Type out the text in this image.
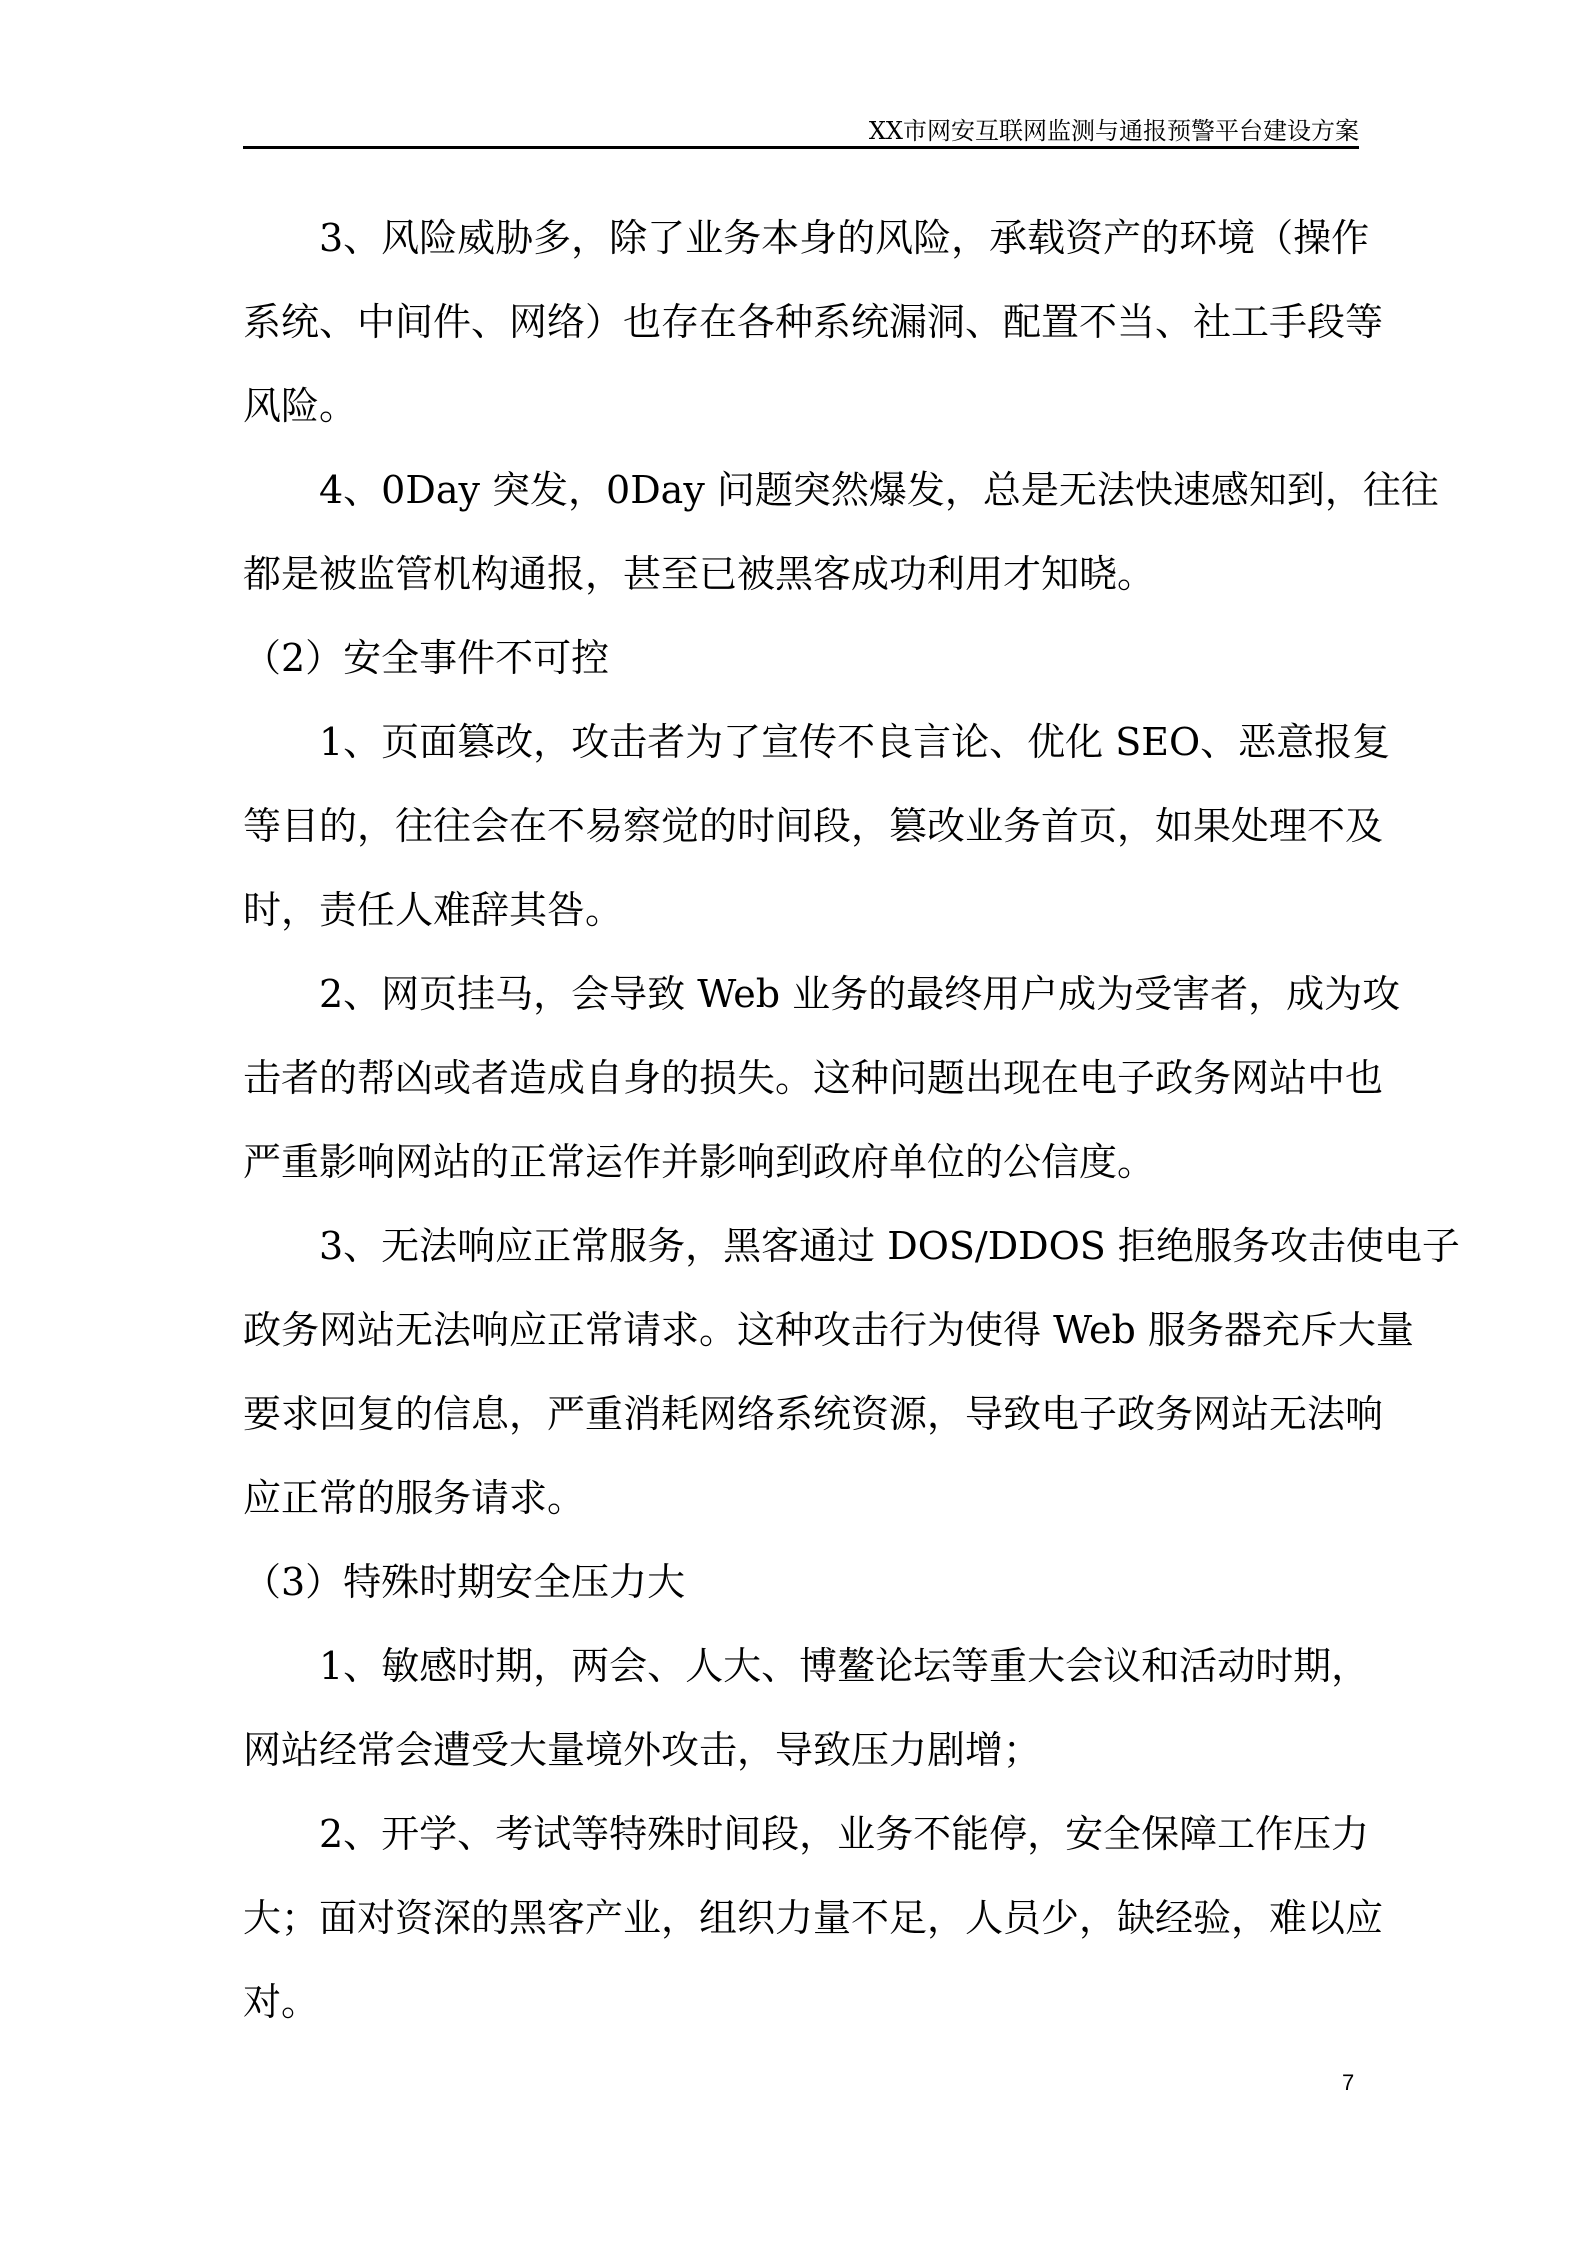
XX市网安互联网监测与通报预警平台建设方案
3、风险威胁多，除了业务本身的风险，承载资产的环境（操作
系统、中间件、网络）也存在各种系统漏洞、配置不当、社工手段等
风险。
4、0Day 突发，0Day 问题突然爆发，总是无法快速感知到，往往
都是被监管机构通报，甚至已被黑客成功利用才知晓。
（2）安全事件不可控
1、页面篡改，攻击者为了宣传不良言论、优化 SEO、恶意报复
等目的，往往会在不易察觉的时间段，篡改业务首页，如果处理不及
时，责任人难辞其咎。
2、网页挂马，会导致 Web 业务的最终用户成为受害者，成为攻
击者的帮凶或者造成自身的损失。这种问题出现在电子政务网站中也
严重影响网站的正常运作并影响到政府单位的公信度。
3、无法响应正常服务，黑客通过 DOS/DDOS 拒绝服务攻击使电子
政务网站无法响应正常请求。这种攻击行为使得 Web 服务器充斥大量
要求回复的信息，严重消耗网络系统资源，导致电子政务网站无法响
应正常的服务请求。
（3）特殊时期安全压力大
1、敏感时期，两会、人大、博鳌论坛等重大会议和活动时期，
网站经常会遭受大量境外攻击，导致压力剧增；
2、开学、考试等特殊时间段，业务不能停，安全保障工作压力
大；面对资深的黑客产业，组织力量不足，人员少，缺经验，难以应
对。
7
